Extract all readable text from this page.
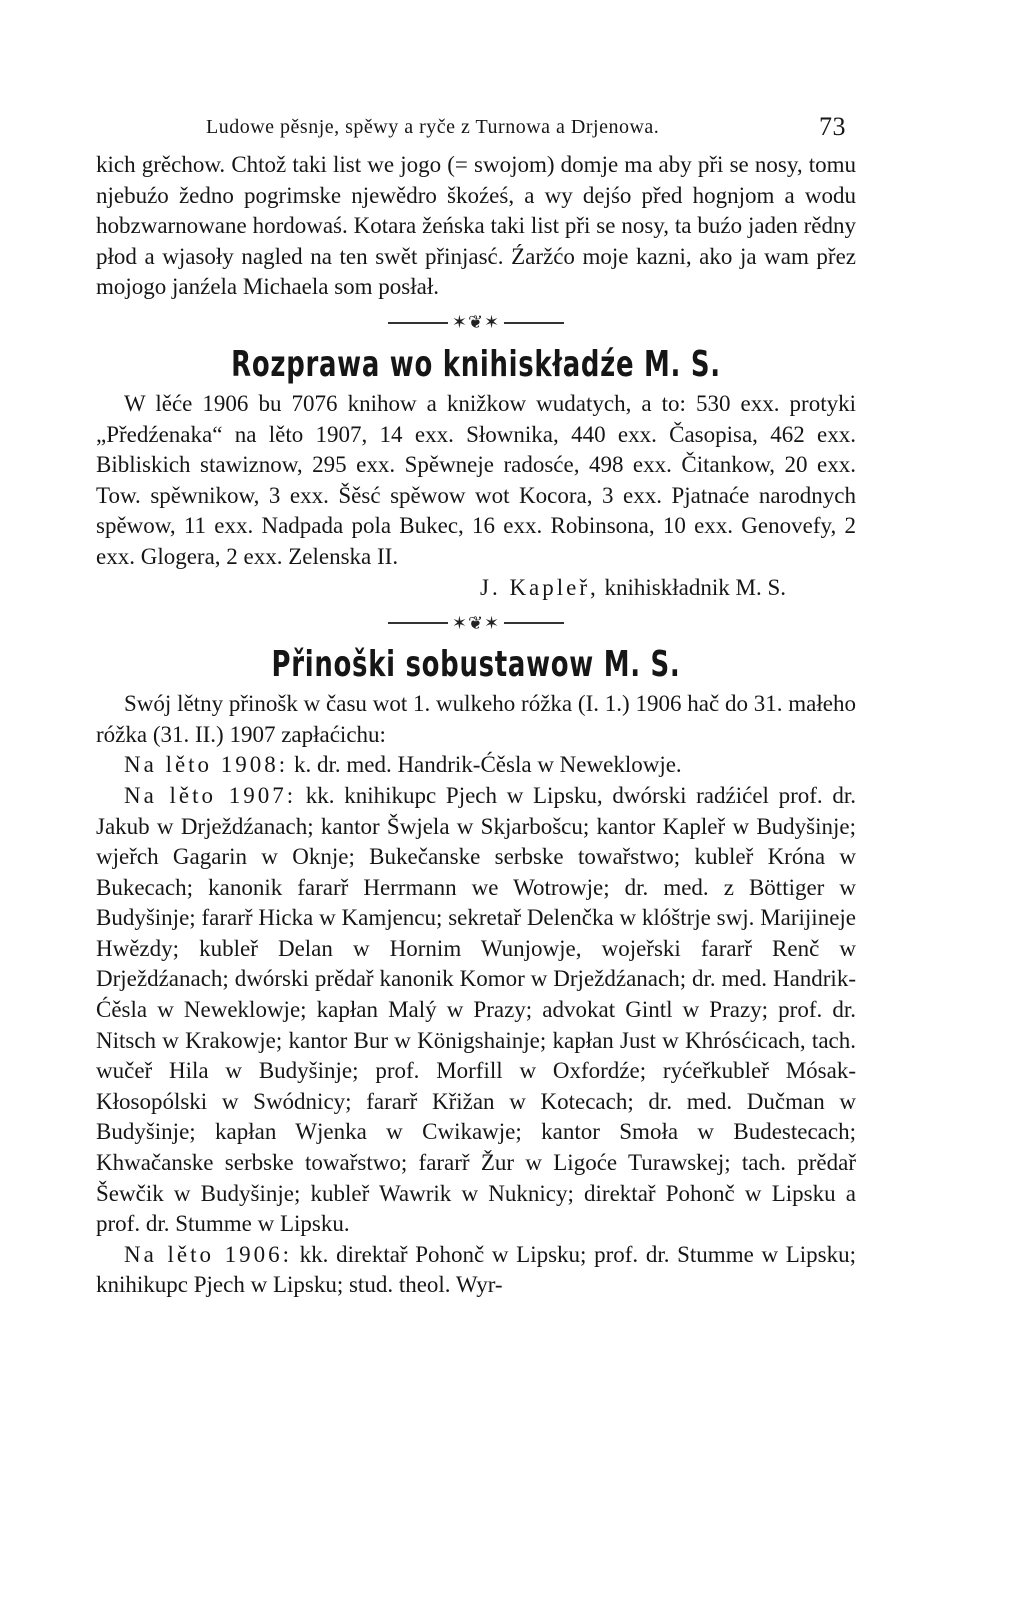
Ludowe pěsnje, spěwy a ryče z Turnowa a Drjenowa.	73

kich grěchow. Chtož taki list we jogo (= swojom) domje ma aby při se nosy, tomu njebuźo žedno pogrimske njewědro škoźeś, a wy dejśo před hognjom a wodu hobzwarnowane hordowaś. Kotara žeńska taki list při se nosy, ta buźo jaden rědny płod a wjasoły nagled na ten swět přinjasć. Źaržćo moje kazni, ako ja wam přez mojogo janźela Michaela som posłał.

✶❦✶
Rozprawa wo knihiskładźe M. S.

W lěće 1906 bu 7076 knihow a knižkow wudatych, a to: 530 exx. protyki „Předźenaka“ na lěto 1907, 14 exx. Słownika, 440 exx. Časopisa, 462 exx. Bibliskich stawiznow, 295 exx. Spěwneje radosće, 498 exx. Čitankow, 20 exx. Tow. spěwnikow, 3 exx. Šěsć spěwow wot Kocora, 3 exx. Pjatnaće narodnych spěwow, 11 exx. Nadpada pola Bukec, 16 exx. Robinsona, 10 exx. Genovefy, 2 exx. Glogera, 2 exx. Zelenska II.

J. Kapleř, knihiskładnik M. S.

✶❦✶
Přinoški sobustawow M. S.

Swój lětny přinošk w času wot 1. wulkeho róžka (I. 1.) 1906 hač do 31. małeho róžka (31. II.) 1907 zapłaćichu:

Na lěto 1908: k. dr. med. Handrik-Ćěsla w Neweklowje.

Na lěto 1907: kk. knihikupc Pjech w Lipsku, dwórski radźićel prof. dr. Jakub w Drježdźanach; kantor Šwjela w Skjarbošcu; kantor Kapleř w Budyšinje; wjeřch Gagarin w Oknje; Bukečanske serbske towařstwo; kubleř Króna w Bukecach; kanonik fararř Herrmann we Wotrowje; dr. med. z Böttiger w Budyšinje; fararř Hicka w Kamjencu; sekretař Delenčka w klóštrje swj. Marijineje Hwězdy; kubleř Delan w Hornim Wunjowje, wojeřski fararř Renč w Drježdźanach; dwórski prědař kanonik Komor w Drježdźanach; dr. med. Handrik-Ćěsla w Neweklowje; kapłan Malý w Prazy; advokat Gintl w Prazy; prof. dr. Nitsch w Krakowje; kantor Bur w Königshainje; kapłan Just w Khrósćicach, tach. wučeř Hila w Budyšinje; prof. Morfill w Oxfordźe; ryćeřkubleř Mósak-Kłosopólski w Swódnicy; fararř Křižan w Kotecach; dr. med. Dučman w Budyšinje; kapłan Wjenka w Cwikawje; kantor Smoła w Budestecach; Khwačanske serbske towařstwo; fararř Žur w Ligoće Turawskej; tach. prědař Šewčik w Budyšinje; kubleř Wawrik w Nuknicy; direktař Pohonč w Lipsku a prof. dr. Stumme w Lipsku.

Na lěto 1906: kk. direktař Pohonč w Lipsku; prof. dr. Stumme w Lipsku; knihikupc Pjech w Lipsku; stud. theol. Wyr-
